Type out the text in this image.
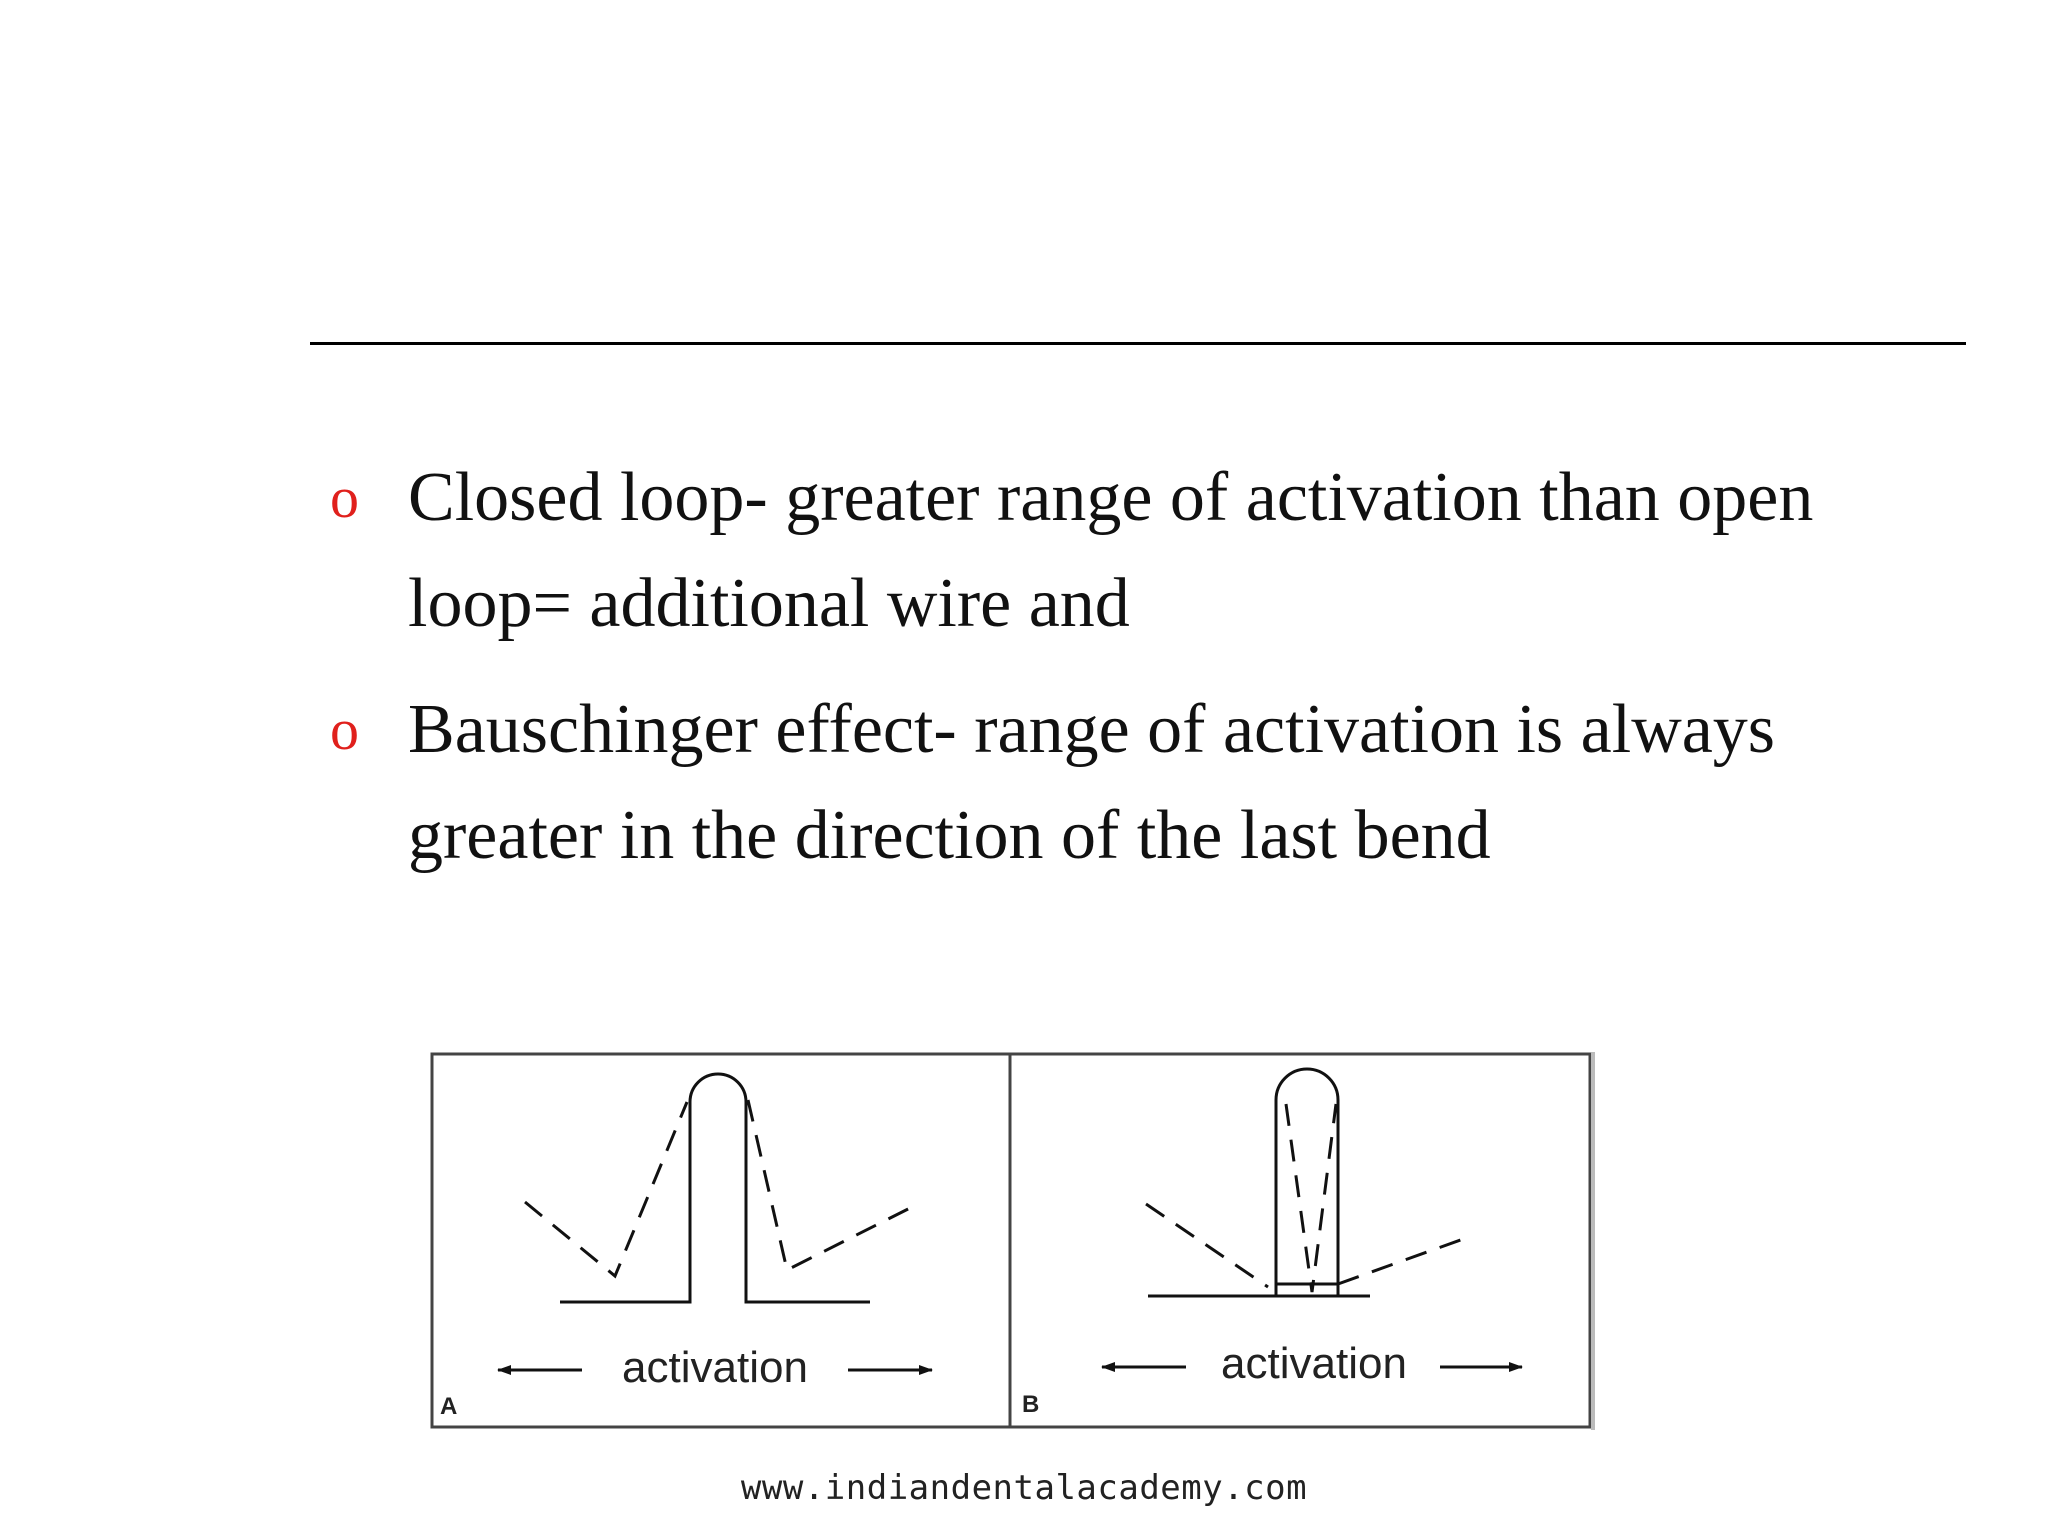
o Closed loop- greater range of activation than open loop= additional wire and
o Bauschinger effect- range of activation is always greater in the direction of the last bend
activation
A
activation
B
www.indiandentalacademy.com
